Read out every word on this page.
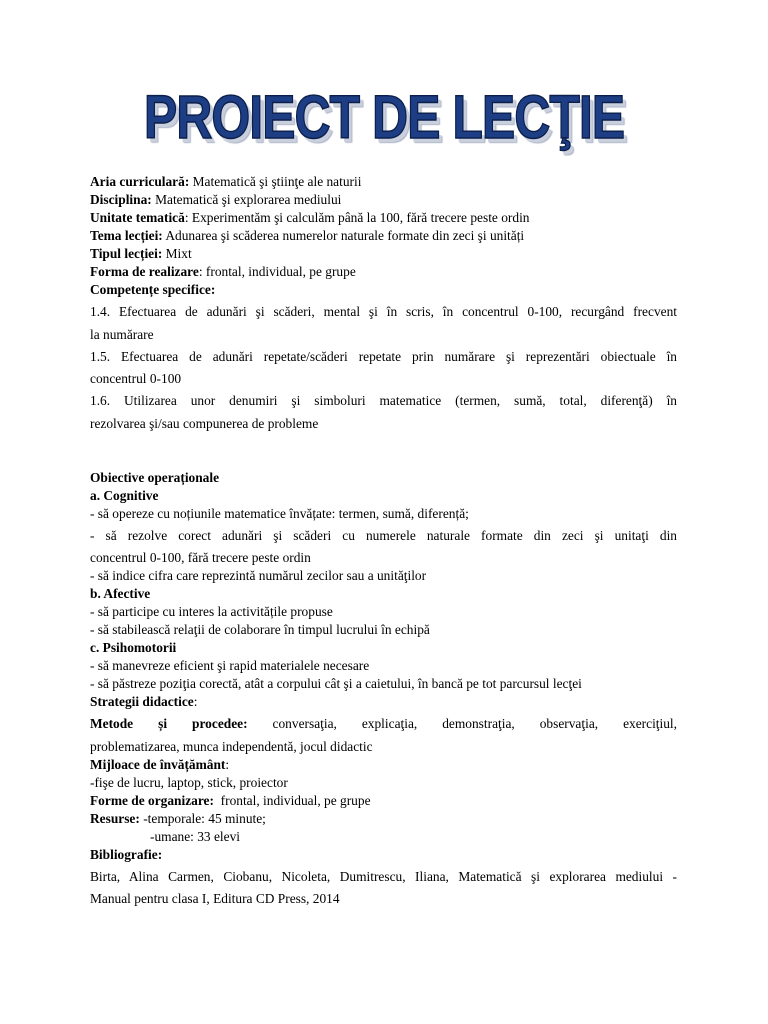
PROIECT DE LECŢIE

Aria curriculară: Matematică şi ştiinţe ale naturii

Disciplina: Matematică şi explorarea mediului

Unitate tematică: Experimentăm şi calculăm până la 100, fără trecere peste ordin

Tema lecției: Adunarea şi scăderea numerelor naturale formate din zeci şi unități

Tipul lecției: Mixt

Forma de realizare: frontal, individual, pe grupe

Competențe specifice:

1.4. Efectuarea de adunări şi scăderi, mental şi în scris, în concentrul 0-100, recurgând frecvent

la numărare

1.5. Efectuarea de adunări repetate/scăderi repetate prin numărare şi reprezentări obiectuale în

concentrul 0-100

1.6. Utilizarea unor denumiri şi simboluri matematice (termen, sumă, total, diferenţă) în

rezolvarea şi/sau compunerea de probleme

Obiective operaționale

a. Cognitive

- să opereze cu noțiunile matematice învățate: termen, sumă, diferență;

- să rezolve corect adunări şi scăderi cu numerele naturale formate din zeci şi unitaţi din

concentrul 0-100, fără trecere peste ordin

- să indice cifra care reprezintă numărul zecilor sau a unităţilor

b. Afective

- să participe cu interes la activitățile propuse

- să stabilească relaţii de colaborare în timpul lucrului în echipă

c. Psihomotorii

- să manevreze eficient şi rapid materialele necesare

- să păstreze poziţia corectă, atât a corpului cât şi a caietului, în bancă pe tot parcursul lecţei

Strategii didactice:

Metode și procedee: conversaţia, explicaţia, demonstraţia, observaţia, exerciţiul,

problematizarea, munca independentă, jocul didactic

Mijloace de învățământ:

-fişe de lucru, laptop, stick, proiector

Forme de organizare:  frontal, individual, pe grupe

Resurse: -temporale: 45 minute;

-umane: 33 elevi

Bibliografie:

Birta, Alina Carmen, Ciobanu, Nicoleta, Dumitrescu, Iliana, Matematică şi explorarea mediului -

Manual pentru clasa I, Editura CD Press, 2014
